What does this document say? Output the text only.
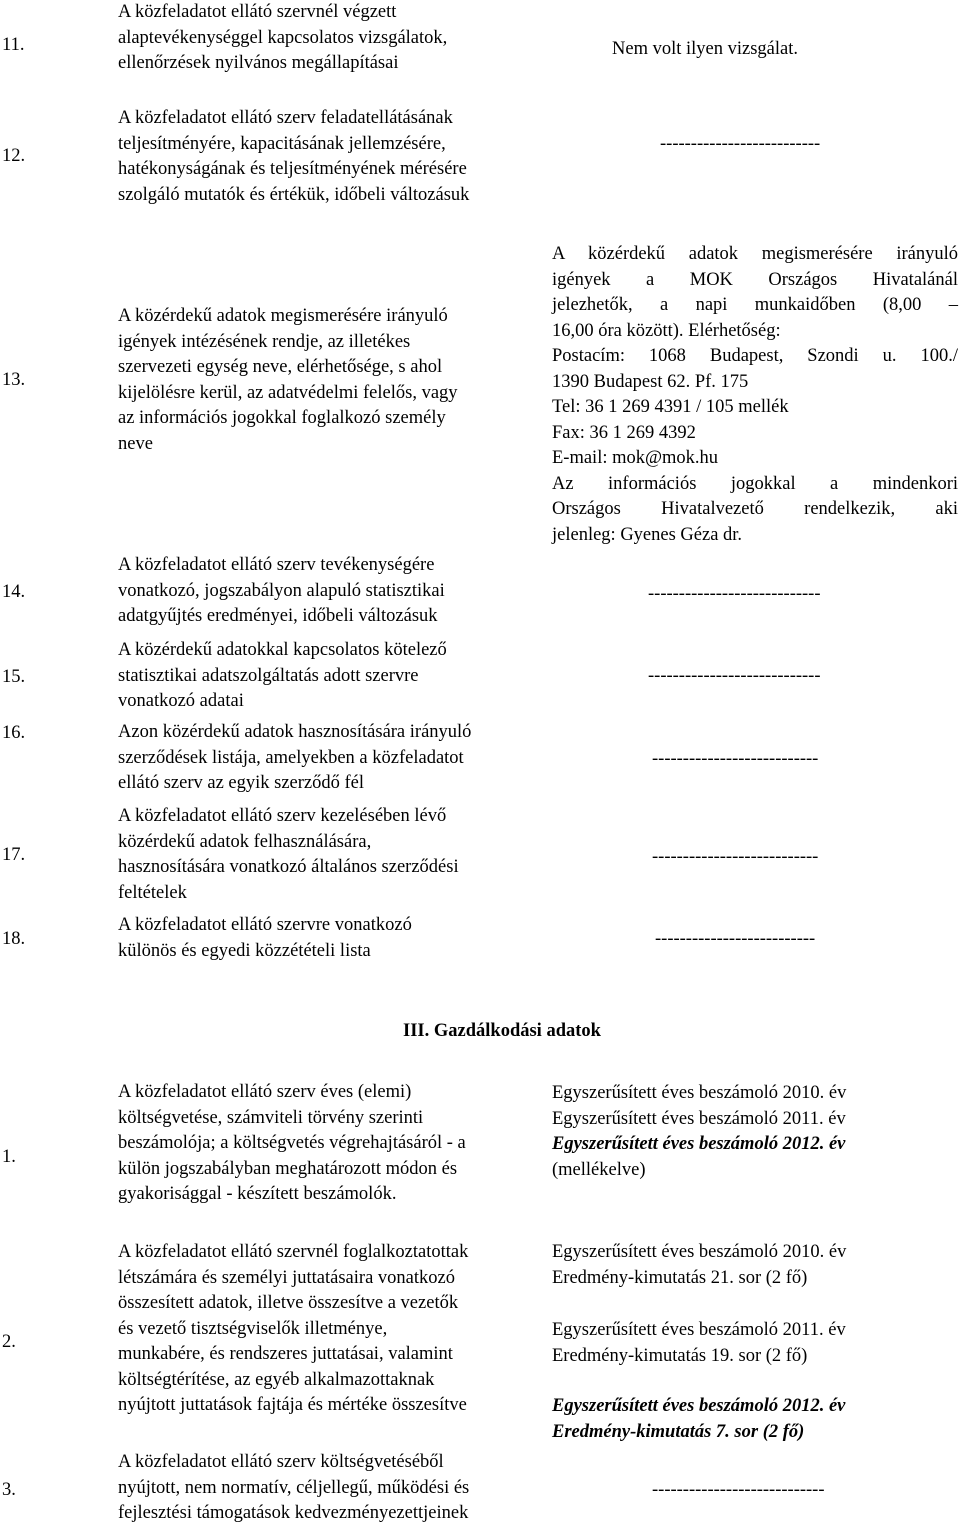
11.
A közfeladatot ellátó szervnél végzett
alaptevékenységgel kapcsolatos vizsgálatok,
ellenőrzések nyilvános megállapításai
Nem volt ilyen vizsgálat.
12.
A közfeladatot ellátó szerv feladatellátásának
teljesítményére, kapacitásának jellemzésére,
hatékonyságának és teljesítményének mérésére
szolgáló mutatók és értékük, időbeli változásuk
--------------------------
13.
A közérdekű adatok megismerésére irányuló
igények intézésének rendje, az illetékes
szervezeti egység neve, elérhetősége, s ahol
kijelölésre kerül, az adatvédelmi felelős, vagy
az információs jogokkal foglalkozó személy
neve
A közérdekű adatok megismerésére irányuló
igények a MOK Országos Hivatalánál
jelezhetők, a napi munkaidőben (8,00 –
16,00 óra között). Elérhetőség:
Postacím: 1068 Budapest, Szondi u. 100./
1390 Budapest 62. Pf. 175
Tel: 36 1 269 4391 / 105 mellék
Fax: 36 1 269 4392
E-mail: mok@mok.hu
Az információs jogokkal a mindenkori
Országos Hivatalvezető rendelkezik, aki
jelenleg: Gyenes Géza dr.
14.
A közfeladatot ellátó szerv tevékenységére
vonatkozó, jogszabályon alapuló statisztikai
adatgyűjtés eredményei, időbeli változásuk
----------------------------
15.
A közérdekű adatokkal kapcsolatos kötelező
statisztikai adatszolgáltatás adott szervre
vonatkozó adatai
----------------------------
16.	Azon közérdekű adatok hasznosítására irányuló
szerződések listája, amelyekben a közfeladatot
ellátó szerv az egyik szerződő fél
---------------------------
17.
A közfeladatot ellátó szerv kezelésében lévő
közérdekű adatok felhasználására,
hasznosítására vonatkozó általános szerződési
feltételek
---------------------------
18.
A közfeladatot ellátó szervre vonatkozó
különös és egyedi közzétételi lista
--------------------------
III. Gazdálkodási adatok
1.
A közfeladatot ellátó szerv éves (elemi)
költségvetése, számviteli törvény szerinti
beszámolója; a költségvetés végrehajtásáról - a
külön jogszabályban meghatározott módon és
gyakorisággal - készített beszámolók.
Egyszerűsített éves beszámoló 2010. év
Egyszerűsített éves beszámoló 2011. év
Egyszerűsített éves beszámoló 2012. év
(mellékelve)
2.
A közfeladatot ellátó szervnél foglalkoztatottak
létszámára és személyi juttatásaira vonatkozó
összesített adatok, illetve összesítve a vezetők
és vezető tisztségviselők illetménye,
munkabére, és rendszeres juttatásai, valamint
költségtérítése, az egyéb alkalmazottaknak
nyújtott juttatások fajtája és mértéke összesítve
Egyszerűsített éves beszámoló 2010. év
Eredmény-kimutatás 21. sor (2 fő)
Egyszerűsített éves beszámoló 2011. év
Eredmény-kimutatás 19. sor (2 fő)
Egyszerűsített éves beszámoló 2012. év
Eredmény-kimutatás 7. sor (2 fő)
3.
A közfeladatot ellátó szerv költségvetéséből
nyújtott, nem normatív, céljellegű, működési és
fejlesztési támogatások kedvezményezettjeinek
----------------------------
